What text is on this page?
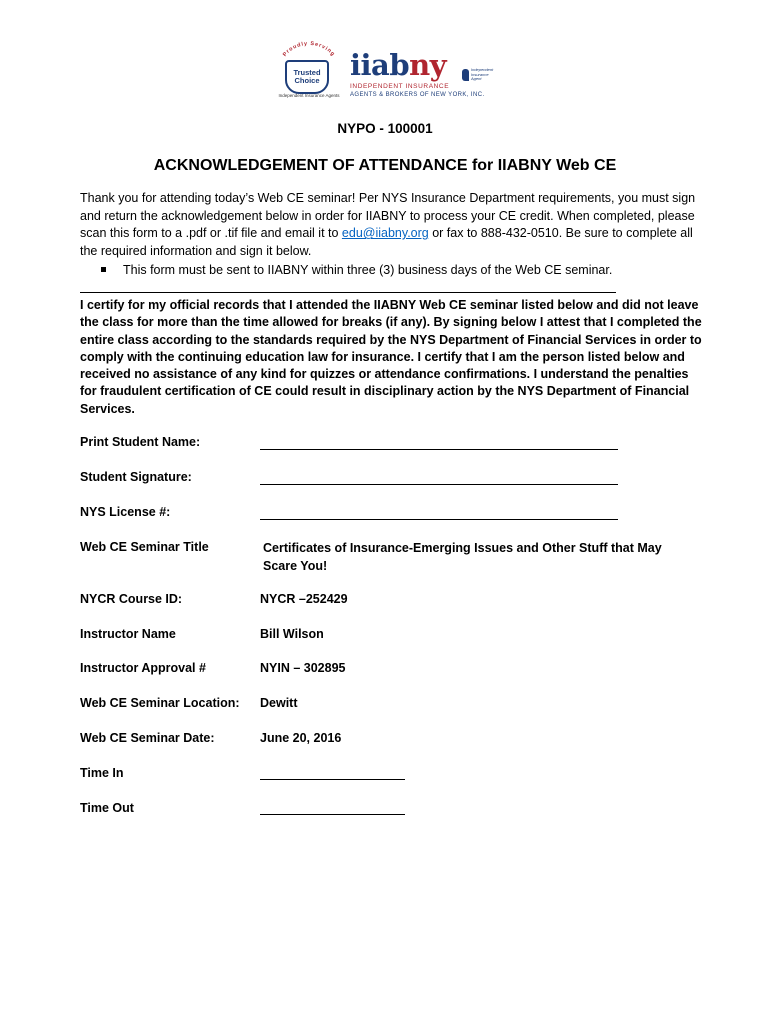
Proudly Serving
Trusted
Choice
Independent Insurance Agents
iiabny
INDEPENDENT INSURANCE
AGENTS & BROKERS OF NEW YORK, INC.
Independent
Insurance
Agent
NYPO - 100001
ACKNOWLEDGEMENT OF ATTENDANCE for IIABNY Web CE
Thank you for attending today’s Web CE seminar! Per NYS Insurance Department requirements, you must sign and return the acknowledgement below in order for IIABNY to process your CE credit. When completed, please scan this form to a .pdf or .tif file and email it to edu@iiabny.org or fax to 888-432-0510. Be sure to complete all the required information and sign it below.
This form must be sent to IIABNY within three (3) business days of the Web CE seminar.
I certify for my official records that I attended the IIABNY Web CE seminar listed below and did not leave the class for more than the time allowed for breaks (if any). By signing below I attest that I completed the entire class according to the standards required by the NYS Department of Financial Services in order to comply with the continuing education law for insurance. I certify that I am the person listed below and received no assistance of any kind for quizzes or attendance confirmations. I understand the penalties for fraudulent certification of CE could result in disciplinary action by the NYS Department of Financial Services.
Print Student Name:
Student Signature:
NYS License #:
Web CE Seminar Title	Certificates of Insurance-Emerging Issues and Other Stuff that May Scare You!
NYCR Course ID:	NYCR –252429
Instructor Name	Bill Wilson
Instructor Approval #	NYIN – 302895
Web CE Seminar Location: Dewitt
Web CE Seminar Date:	June 20, 2016
Time In
Time Out
